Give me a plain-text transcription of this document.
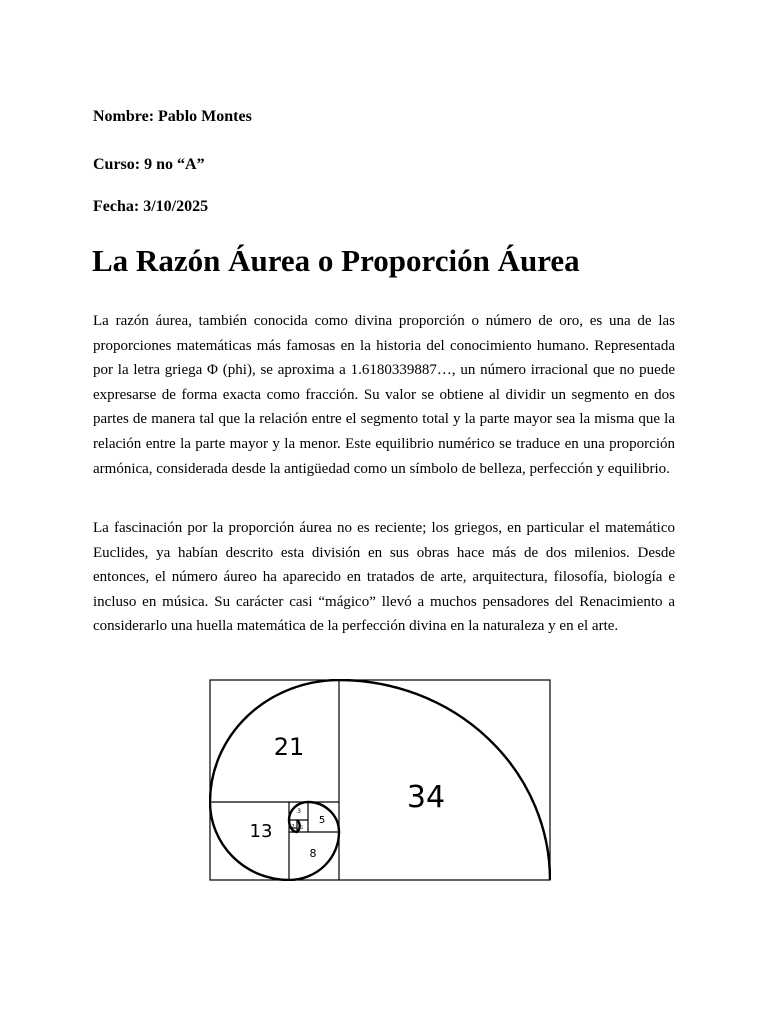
Nombre: Pablo Montes

Curso: 9 no “A”

Fecha: 3/10/2025

La Razón Áurea o Proporción Áurea

La razón áurea, también conocida como divina proporción o número de oro, es una de las proporciones matemáticas más famosas en la historia del conocimiento humano. Representada por la letra griega Φ (phi), se aproxima a 1.6180339887…, un número irracional que no puede expresarse de forma exacta como fracción. Su valor se obtiene al dividir un segmento en dos partes de manera tal que la relación entre el segmento total y la parte mayor sea la misma que la relación entre la parte mayor y la menor. Este equilibrio numérico se traduce en una proporción armónica, considerada desde la antigüedad como un símbolo de belleza, perfección y equilibrio.

La fascinación por la proporción áurea no es reciente; los griegos, en particular el matemático Euclides, ya habían descrito esta división en sus obras hace más de dos milenios. Desde entonces, el número áureo ha aparecido en tratados de arte, arquitectura, filosofía, biología e incluso en música. Su carácter casi “mágico” llevó a muchos pensadores del Renacimiento a considerarlo una huella matemática de la perfección divina en la naturaleza y en el arte.

34
21
13
8
5
3
2 1
1
